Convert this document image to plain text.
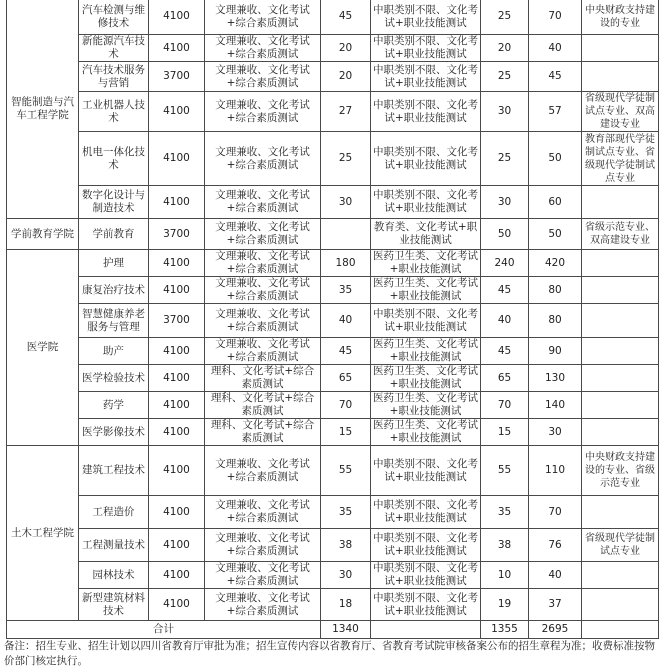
智能制造与汽车工程学院	汽车检测与维修技术	4100	文理兼收、文化考试+综合素质测试	45	中职类别不限、文化考试+职业技能测试	25	70	中央财政支持建设的专业
	新能源汽车技术	4100	文理兼收、文化考试+综合素质测试	20	中职类别不限、文化考试+职业技能测试	20	40	
	汽车技术服务与营销	3700	文理兼收、文化考试+综合素质测试	20	中职类别不限、文化考试+职业技能测试	25	45	
	工业机器人技术	4100	文理兼收、文化考试+综合素质测试	27	中职类别不限、文化考试+职业技能测试	30	57	省级现代学徒制试点专业、双高建设专业
	机电一体化技术	4100	文理兼收、文化考试+综合素质测试	25	中职类别不限、文化考试+职业技能测试	25	50	教育部现代学徒制试点专业、省级现代学徒制试点专业
	数字化设计与制造技术	4100	文理兼收、文化考试+综合素质测试	30	中职类别不限、文化考试+职业技能测试	30	60	
学前教育学院	学前教育	3700	文理兼收、文化考试+综合素质测试		教育类、文化考试+职业技能测试	50	50	省级示范专业、双高建设专业
医学院	护理	4100	文理兼收、文化考试+综合素质测试	180	医药卫生类、文化考试+职业技能测试	240	420	
	康复治疗技术	4100	文理兼收、文化考试+综合素质测试	35	医药卫生类、文化考试+职业技能测试	45	80	
	智慧健康养老服务与管理	3700	文理兼收、文化考试+综合素质测试	40	中职类别不限、文化考试+职业技能测试	40	80	
	助产	4100	文理兼收、文化考试+综合素质测试	45	医药卫生类、文化考试+职业技能测试	45	90	
	医学检验技术	4100	理科、文化考试+综合素质测试	65	医药卫生类、文化考试+职业技能测试	65	130	
	药学	4100	理科、文化考试+综合素质测试	70	医药卫生类、文化考试+职业技能测试	70	140	
	医学影像技术	4100	理科、文化考试+综合素质测试	15	医药卫生类、文化考试+职业技能测试	15	30	
土木工程学院	建筑工程技术	4100	文理兼收、文化考试+综合素质测试	55	中职类别不限、文化考试+职业技能测试	55	110	中央财政支持建设的专业、省级示范专业
	工程造价	4100	文理兼收、文化考试+综合素质测试	35	中职类别不限、文化考试+职业技能测试	35	70	
	工程测量技术	4100	文理兼收、文化考试+综合素质测试	38	中职类别不限、文化考试+职业技能测试	38	76	省级现代学徒制试点专业
	园林技术	4100	文理兼收、文化考试+综合素质测试	30	中职类别不限、文化考试+职业技能测试	10	40	
	新型建筑材料技术	4100	文理兼收、文化考试+综合素质测试	18	中职类别不限、文化考试+职业技能测试	19	37	
合计				1340		1355	2695	
备注：招生专业、招生计划以四川省教育厅审批为准；招生宣传内容以省教育厅、省教育考试院审核备案公布的招生章程为准；收费标准按物价部门核定执行。
